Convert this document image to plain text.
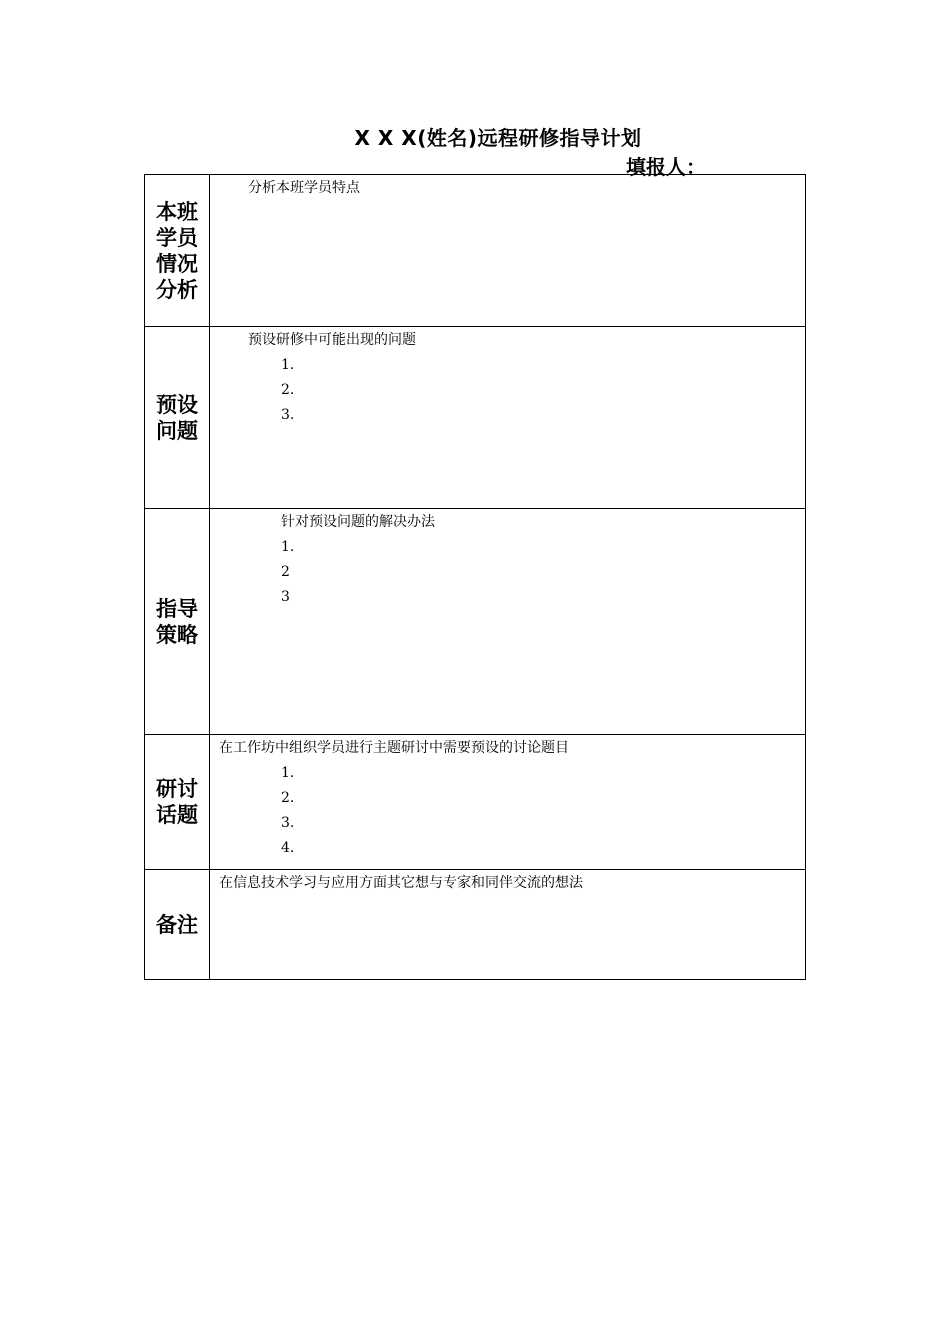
X X X(姓名)远程研修指导计划
填报人：
本班学员情况分析	分析本班学员特点

预设问题	预设研修中可能出现的问题
1.
2.
3.

指导策略	针对预设问题的解决办法
1.
2
3

研讨话题	在工作坊中组织学员进行主题研讨中需要预设的讨论题目
1.
2.
3.
4.

备注	在信息技术学习与应用方面其它想与专家和同伴交流的想法
